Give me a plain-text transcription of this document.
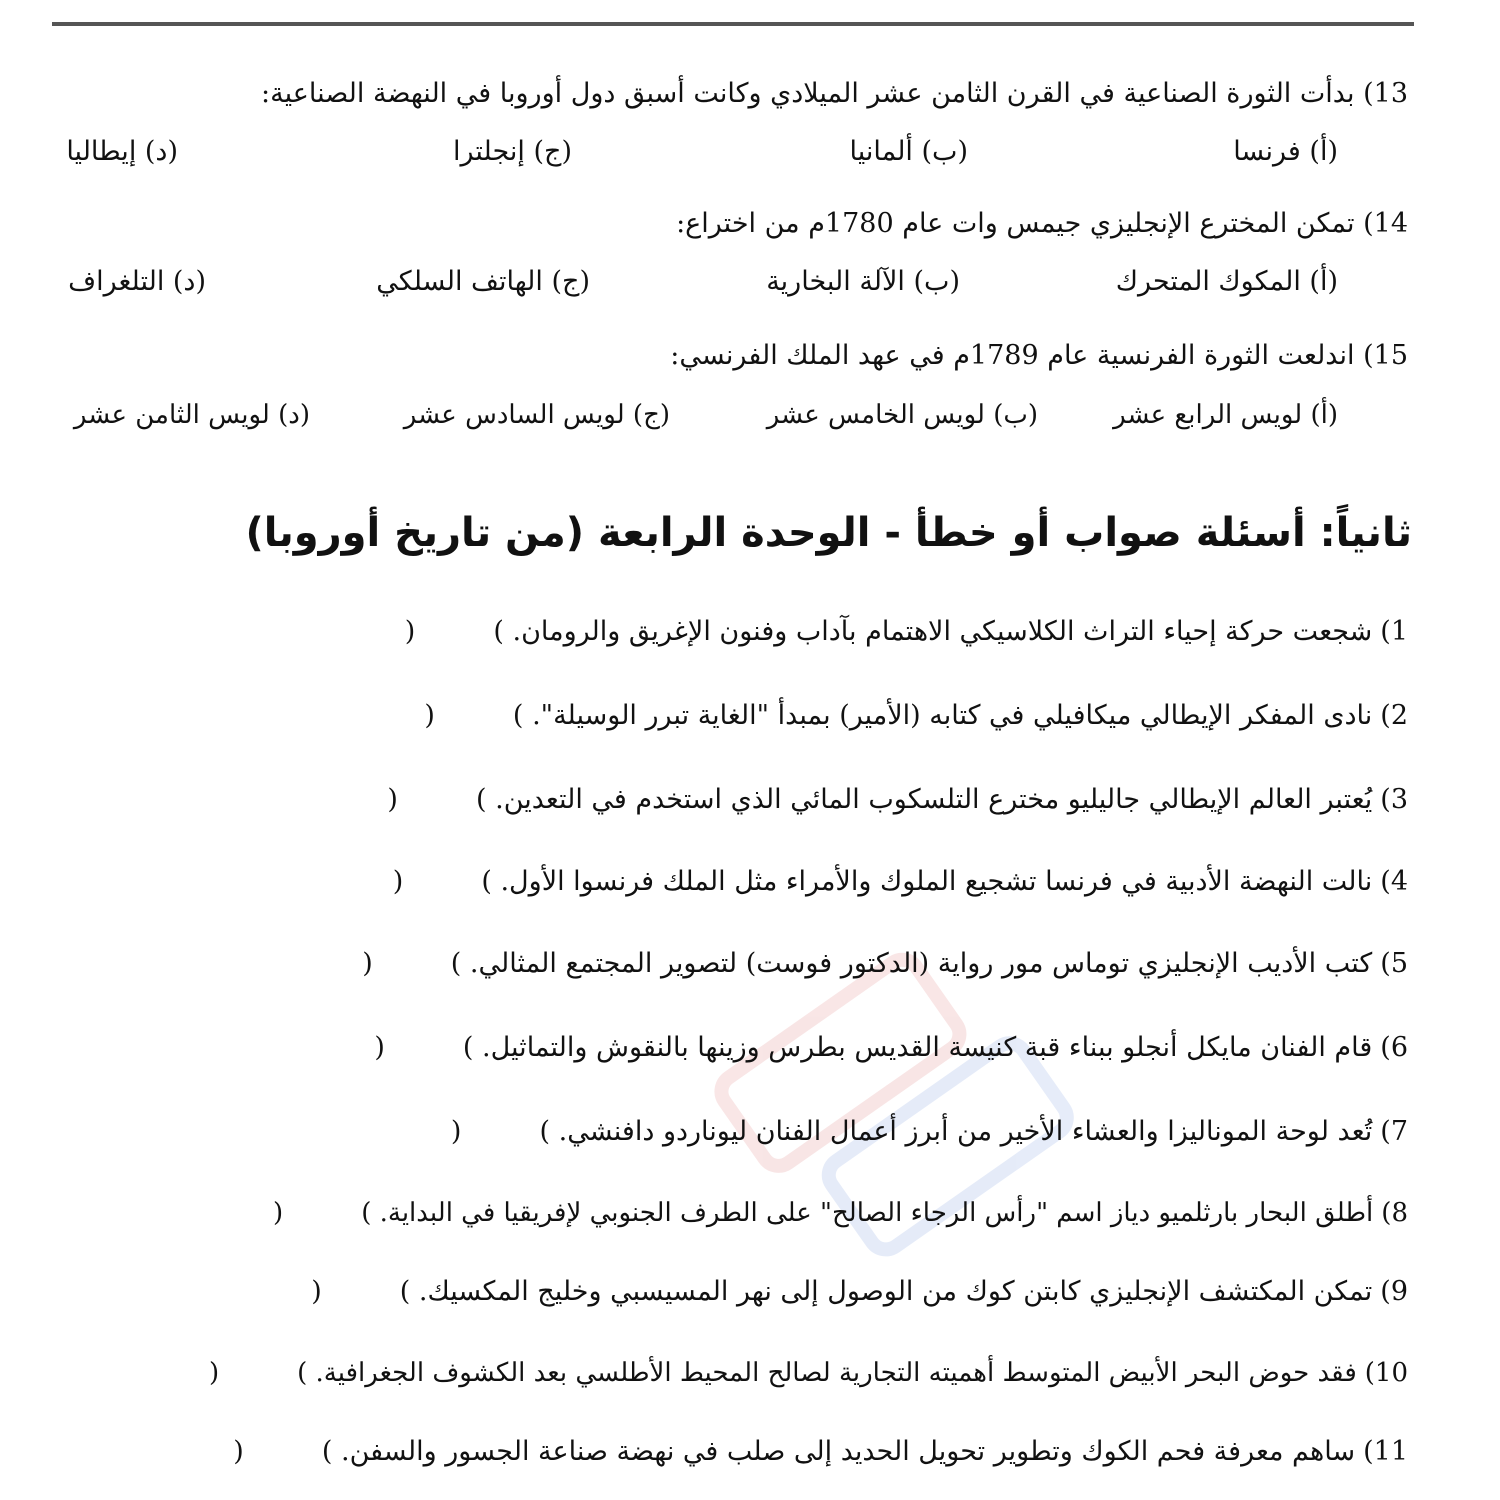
13) بدأت الثورة الصناعية في القرن الثامن عشر الميلادي وكانت أسبق دول أوروبا في النهضة الصناعية:
(أ) فرنسا
(ب) ألمانيا
(ج) إنجلترا
(د) إيطاليا
14) تمكن المخترع الإنجليزي جيمس وات عام 1780م من اختراع:
(أ) المكوك المتحرك
(ب) الآلة البخارية
(ج) الهاتف السلكي
(د) التلغراف
15) اندلعت الثورة الفرنسية عام 1789م في عهد الملك الفرنسي:
(أ) لويس الرابع عشر
(ب) لويس الخامس عشر
(ج) لويس السادس عشر
(د) لويس الثامن عشر
ثانياً: أسئلة صواب أو خطأ - الوحدة الرابعة (من تاريخ أوروبا)
1)شجعت حركة إحياء التراث الكلاسيكي الاهتمام بآداب وفنون الإغريق والرومان. )	(
2)نادى المفكر الإيطالي ميكافيلي في كتابه (الأمير) بمبدأ "الغاية تبرر الوسيلة". )	(
3)يُعتبر العالم الإيطالي جاليليو مخترع التلسكوب المائي الذي استخدم في التعدين. )	(
4)نالت النهضة الأدبية في فرنسا تشجيع الملوك والأمراء مثل الملك فرنسوا الأول. )	(
5)كتب الأديب الإنجليزي توماس مور رواية (الدكتور فوست) لتصوير المجتمع المثالي. )	(
6)قام الفنان مايكل أنجلو ببناء قبة كنيسة القديس بطرس وزينها بالنقوش والتماثيل. )	(
7)تُعد لوحة الموناليزا والعشاء الأخير من أبرز أعمال الفنان ليوناردو دافنشي. )	(
8)أطلق البحار بارثلميو دياز اسم "رأس الرجاء الصالح" على الطرف الجنوبي لإفريقيا في البداية. )	(
9)تمكن المكتشف الإنجليزي كابتن كوك من الوصول إلى نهر المسيسبي وخليج المكسيك. )	(
10)فقد حوض البحر الأبيض المتوسط أهميته التجارية لصالح المحيط الأطلسي بعد الكشوف الجغرافية. )	(
11)ساهم معرفة فحم الكوك وتطوير تحويل الحديد إلى صلب في نهضة صناعة الجسور والسفن. )	(
